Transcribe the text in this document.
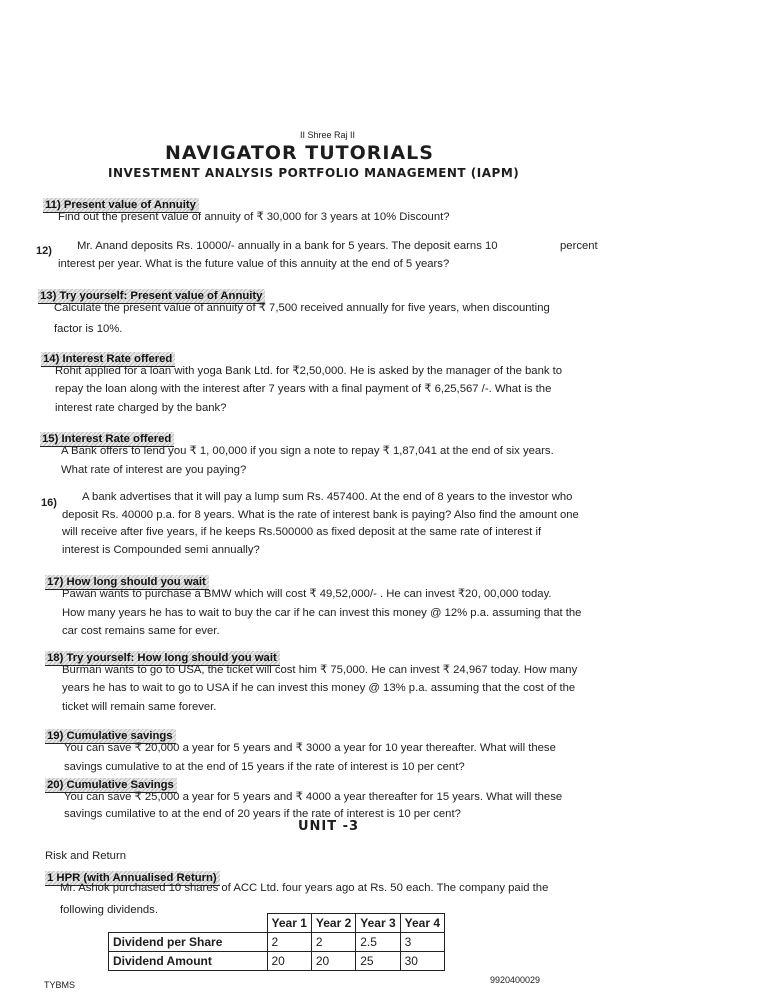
II Shree Raj II
NAVIGATOR TUTORIALS
INVESTMENT ANALYSIS PORTFOLIO MANAGEMENT (IAPM)
11) Present value of Annuity
Find out the present value of annuity of ₹ 30,000 for 3 years at 10% Discount?
12) Mr. Anand deposits Rs. 10000/- annually in a bank for 5 years. The deposit earns 10	percent
interest per year. What is the future value of this annuity at the end of 5 years?
13) Try yourself: Present value of Annuity
Calculate the present value of annuity of ₹ 7,500 received annually for five years, when discounting
factor is 10%.
14) Interest Rate offered
Rohit applied for a loan with yoga Bank Ltd. for ₹2,50,000. He is asked by the manager of the bank to
repay the loan along with the interest after 7 years with a final payment of ₹ 6,25,567 /-. What is the
interest rate charged by the bank?
15) Interest Rate offered
A Bank offers to lend you ₹ 1, 00,000 if you sign a note to repay ₹ 1,87,041 at the end of six years.
What rate of interest are you paying?
16) A bank advertises that it will pay a lump sum Rs. 457400. At the end of 8 years to the investor who
deposit Rs. 40000 p.a. for 8 years. What is the rate of interest bank is paying? Also find the amount one
will receive after five years, if he keeps Rs.500000 as fixed deposit at the same rate of interest if
interest is Compounded semi annually?
17) How long should you wait
Pawan wants to purchase a BMW which will cost ₹ 49,52,000/- . He can invest ₹20, 00,000 today.
How many years he has to wait to buy the car if he can invest this money @ 12% p.a. assuming that the
car cost remains same for ever.
18) Try yourself: How long should you wait
Burman wants to go to USA, the ticket will cost him ₹ 75,000. He can invest ₹ 24,967 today. How many
years he has to wait to go to USA if he can invest this money @ 13% p.a. assuming that the cost of the
ticket will remain same forever.
19) Cumulative savings
You can save ₹ 20,000 a year for 5 years and ₹ 3000 a year for 10 year thereafter. What will these
savings cumulative to at the end of 15 years if the rate of interest is 10 per cent?
20) Cumulative Savings
You can save ₹ 25,000 a year for 5 years and ₹ 4000 a year thereafter for 15 years. What will these
savings cumilative to at the end of 20 years if the rate of interest is 10 per cent?
UNIT -3
Risk and Return
1 HPR (with Annualised Return)
Mr. Ashok purchased 10 shares of ACC Ltd. four years ago at Rs. 50 each. The company paid the
following dividends.
	Year 1	Year 2	Year 3	Year 4
Dividend per Share	2	2	2.5	3
Dividend Amount	20	20	25	30
TYBMS	9920400029
